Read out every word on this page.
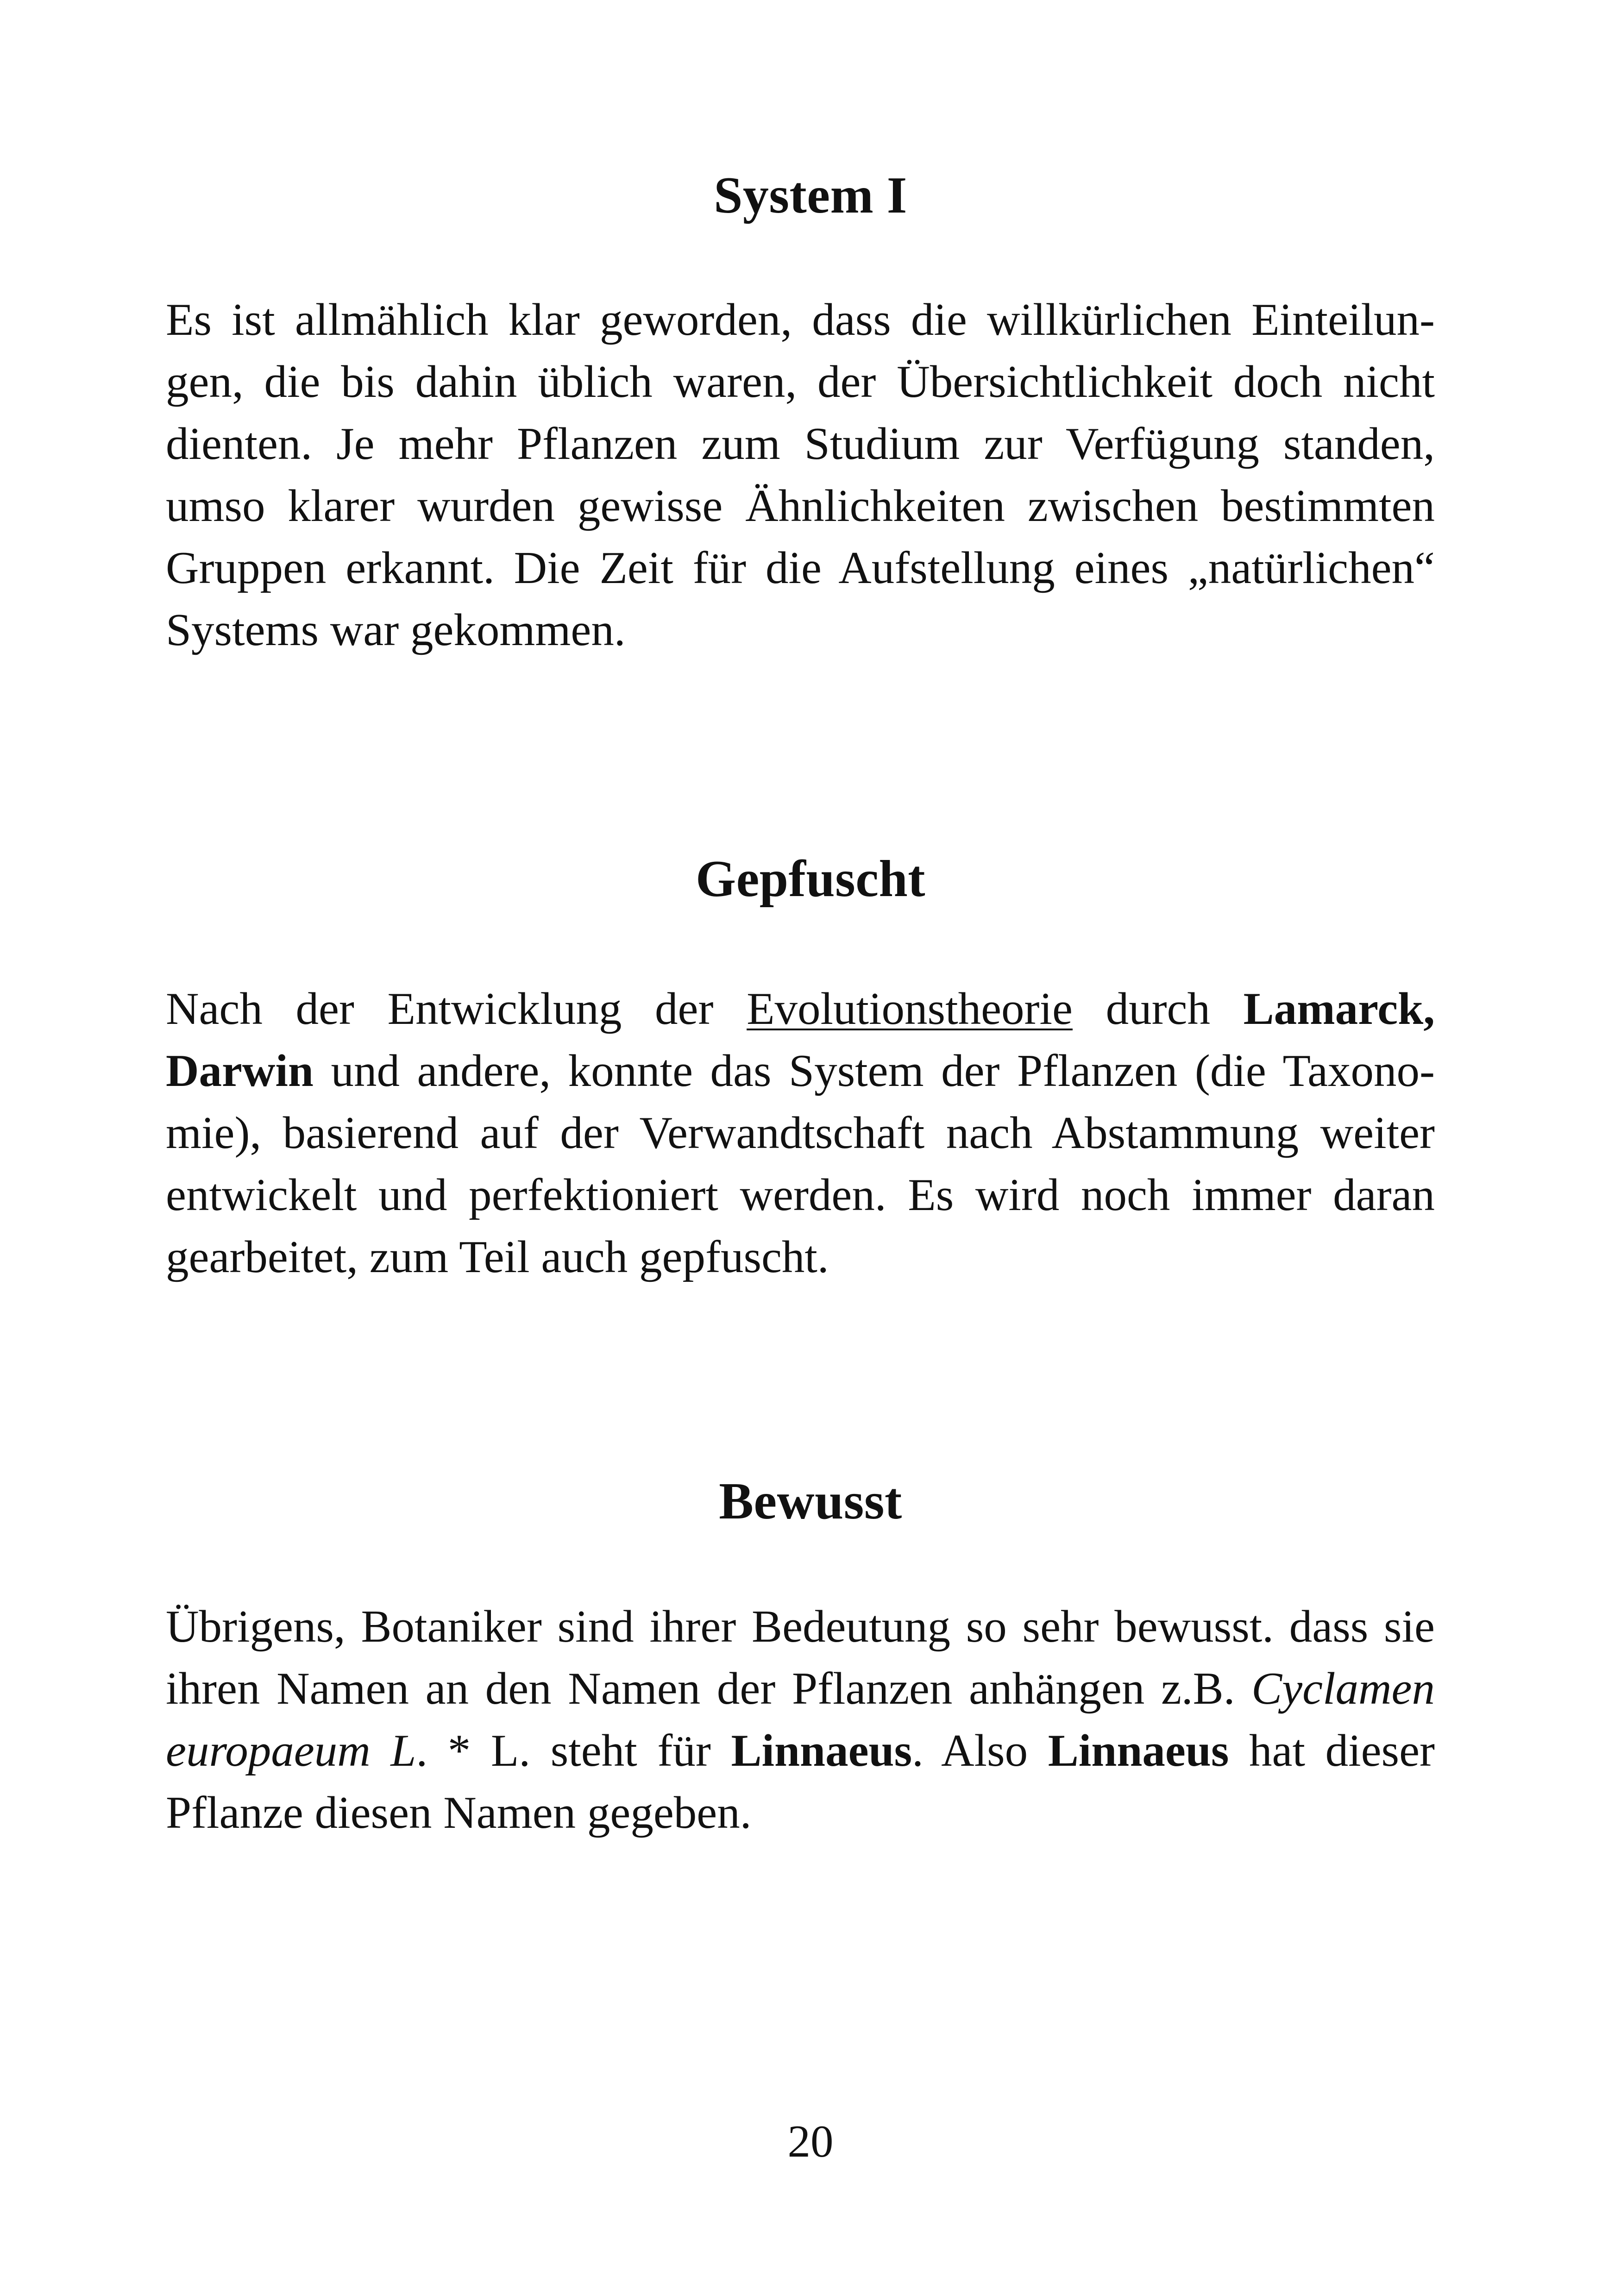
System I

Es ist allmählich klar geworden, dass die willkürlichen Einteilun-
gen, die bis dahin üblich waren, der Übersichtlichkeit doch nicht
dienten. Je mehr Pflanzen zum Studium zur Verfügung standen,
umso klarer wurden gewisse Ähnlichkeiten zwischen bestimmten
Gruppen erkannt. Die Zeit für die Aufstellung eines „natürlichen“
Systems war gekommen.

Gepfuscht

Nach der Entwicklung der Evolutionstheorie durch Lamarck,
Darwin und andere, konnte das System der Pflanzen (die Taxono-
mie), basierend auf der Verwandtschaft nach Abstammung weiter
entwickelt und perfektioniert werden. Es wird noch immer daran
gearbeitet, zum Teil auch gepfuscht.

Bewusst

Übrigens, Botaniker sind ihrer Bedeutung so sehr bewusst. dass sie
ihren Namen an den Namen der Pflanzen anhängen z.B. Cyclamen
europaeum L. * L. steht für Linnaeus. Also Linnaeus hat dieser
Pflanze diesen Namen gegeben.

20
